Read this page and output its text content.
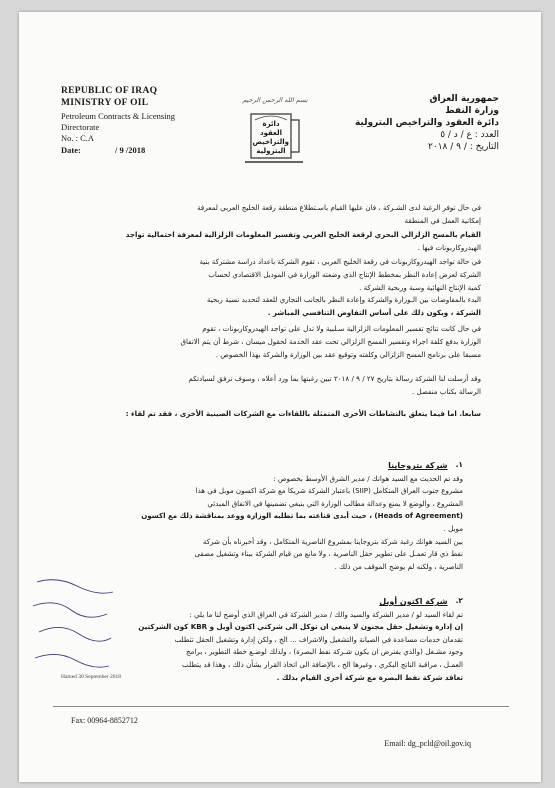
REPUBLIC OF IRAQ
MINISTRY OF OIL
Petroleum Contracts & Licensing
Directorate
No. : C.A
Date:	/ 9 /2018
بسم الله الرحمن الرحيم
دائرة العقود
والتراخيص
البترولية
جمهورية العراق
وزارة النفط
دائرة العقود والتراخيص البترولية
العدد : ع / د / ٥
التاريخ : / ٩ / ٢٠١٨
في حال توفر الرغبة لدى الشـركة ، فان عليها القيام باسـتطلاع منطقة رقعة الخليج العربي لمعرفة
إمكانية العمل في المنطقة
القيام بالمسح الزلزالي البحري لرقعة الخليج العربي وتفسير المعلومات الزلزالية لمعرفة احتمالية تواجد
الهيدروكاربونات فيها .
في حالة تواجد الهيدروكاربونات في رقعة الخليج العربي ، تقوم الشركة باعداد دراسة مشتركة بنية
الشركة لعرض إعادة النظر بمخطط الإنتاج الذي وضعته الوزارة في الموديل الاقتصادي لحساب
كمية الإنتاج النهائية وسبة وربحية الشركة .
البدء بالمفاوضات بين الـوزارة والشركة وإعادة النظر بالجانب التجاري للعقد لتحديد نسبة ربحية
الشركة ، ويكون ذلك على أساس التفاوض التنافسي المباشر .
في حال كانت نتائج تفسير المعلومات الزلزالية سـلبية ولا تدل على تواجد الهيدروكاربونات ، تقوم
الوزارة بدفع كلفة اجراء وتفسير المسح الزلزالي تحت عقد الخدمة لحقول ميسان ، شرط أن يتم الاتفاق
مسبقا على برنامج المسح الزلزالي وكلفته وتوقيع عقد بين الوزارة والشركة بهذا الخصوص .
وقد أرسلت لنا الشركة رسالة بتاريخ ٢٧ / ٩ / ٢٠١٨ تبين رغبتها بما ورد أعلاه ، وسوف نرفق لسيادتكم
الرسالة بكتاب منفصل .
سابعا. اما فيما يتعلق بالنشاطات الأخرى المتمثلة باللقاءات مع الشركات الصينية الأخرى ، فقد تم لقاء :
١.
شركة بتروجاينا
وقد تم الحديث مع السيد هوانك / مدير الشرق الأوسط بخصوص :
مشروع جنوب العراق المتكامل (SIIP) باعتبار الشركة شريكا مع شركة اكسون موبل في هذا
المشروع ، والوضع لا يمنع وعدالة مطالب الوزارة التي ينبغي تضمينها في الاتفاق المبدئي
(Heads of Agreement) ، حيث أبدى قناعته بما تطلبه الوزارة ووعد بمناقشة ذلك مع اكسون
موبل .
بين السيد هوانك رغبة شركة بتروجاينا بمشروع الناصرية المتكامل ، وقد أخبرناه بأن شركة
نفط ذي قار تعمـل على تطوير حقل الناصرية ، ولا مانع من قيام الشركة ببناء وتشغيل مصفى
الناصرية ، ولكنه لم يوضح الموقف من ذلك .
٢.
شركة اكتون أويل
تم لقاء السيد لو / مدير الشركة والسيد والك / مدير الشركة في العراق الذي أوضح لنا ما يلي :
إن إدارة وتشغيل حقل مجنون لا ينبغي ان توكل الى شركتي اكتون أويل و KBR كون الشركتين
تقدمان خدمات مساعدة في الصيانة والتشغيل والاشراف ... الخ ، ولكن إدارة وتشغيل الحقل تتطلب
وجود مشـغل (والذي يفترض ان يكون شـركة نفط البصرة) ، ولذلك لوضـع خطة التطوير ، برامج
العمـل ، مراقبة الناتج البكري ، وغيرها الخ ، بالإضافة الى اتخاذ القرار بشأن ذلك ، وهذا قد يتطلب
تعاقد شركة نفط البصرة مع شركة أخرى القيام بذلك .
Hamed 30 September 2018
Fax: 00964-8852712
Email: dg_pcld@oil.gov.iq
